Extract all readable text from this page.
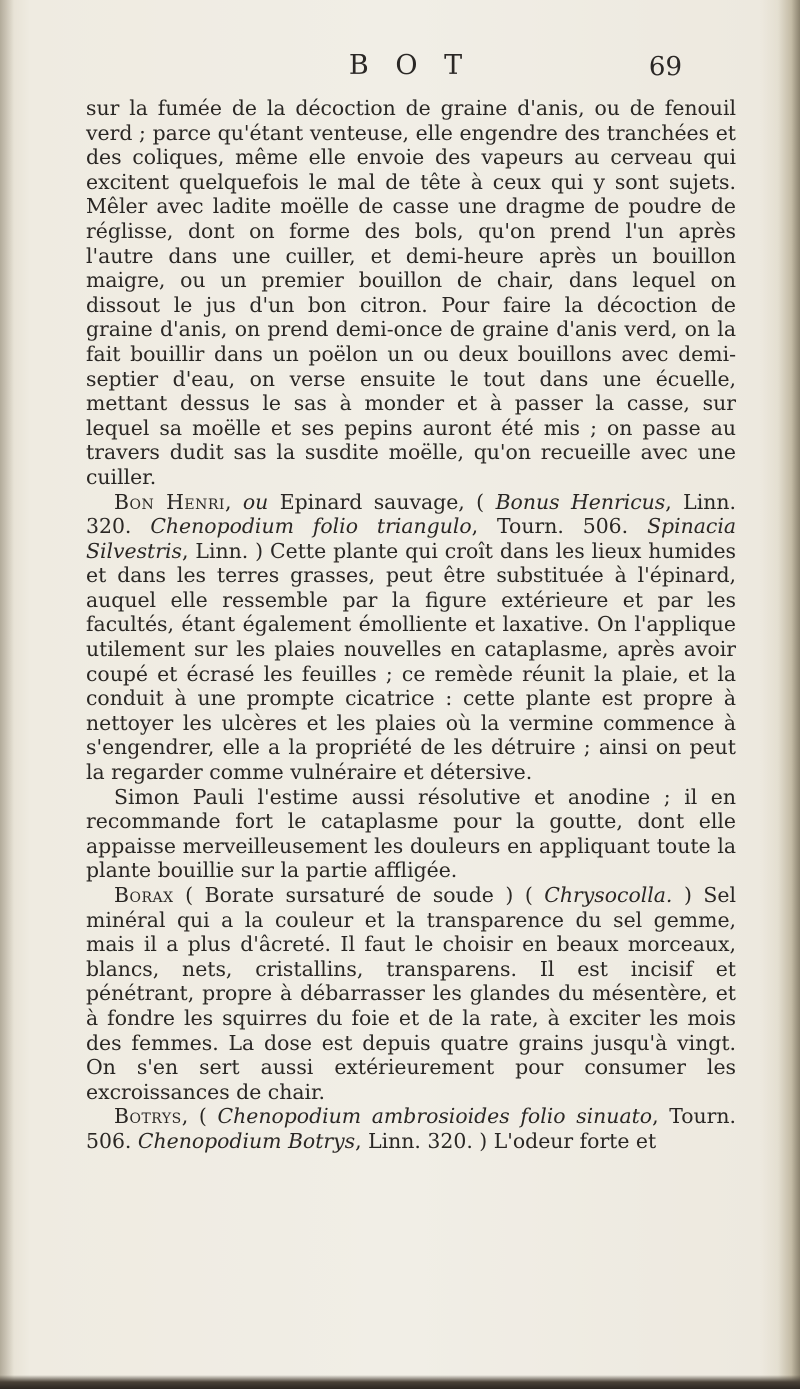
B O T	69

sur la fumée de la décoction de graine d'anis, ou de fenouil verd ; parce qu'étant venteuse, elle engendre des tranchées et des coliques, même elle envoie des vapeurs au cerveau qui excitent quelquefois le mal de tête à ceux qui y sont sujets. Mêler avec ladite moëlle de casse une dragme de poudre de réglisse, dont on forme des bols, qu'on prend l'un après l'autre dans une cuiller, et demi-heure après un bouillon maigre, ou un premier bouillon de chair, dans lequel on dissout le jus d'un bon citron. Pour faire la décoction de graine d'anis, on prend demi-once de graine d'anis verd, on la fait bouillir dans un poëlon un ou deux bouillons avec demi-septier d'eau, on verse ensuite le tout dans une écuelle, mettant dessus le sas à monder et à passer la casse, sur lequel sa moëlle et ses pepins auront été mis ; on passe au travers dudit sas la susdite moëlle, qu'on recueille avec une cuiller.

Bon Henri, ou Epinard sauvage, ( Bonus Henricus, Linn. 320. Chenopodium folio triangulo, Tourn. 506. Spinacia Silvestris, Linn. ) Cette plante qui croît dans les lieux humides et dans les terres grasses, peut être substituée à l'épinard, auquel elle ressemble par la figure extérieure et par les facultés, étant également émolliente et laxative. On l'applique utilement sur les plaies nouvelles en cataplasme, après avoir coupé et écrasé les feuilles ; ce remède réunit la plaie, et la conduit à une prompte cicatrice : cette plante est propre à nettoyer les ulcères et les plaies où la vermine commence à s'engendrer, elle a la propriété de les détruire ; ainsi on peut la regarder comme vulnéraire et détersive.

Simon Pauli l'estime aussi résolutive et anodine ; il en recommande fort le cataplasme pour la goutte, dont elle appaisse merveilleusement les douleurs en appliquant toute la plante bouillie sur la partie affligée.

Borax ( Borate sursaturé de soude ) ( Chrysocolla. ) Sel minéral qui a la couleur et la transparence du sel gemme, mais il a plus d'âcreté. Il faut le choisir en beaux morceaux, blancs, nets, cristallins, transparens. Il est incisif et pénétrant, propre à débarrasser les glandes du mésentère, et à fondre les squirres du foie et de la rate, à exciter les mois des femmes. La dose est depuis quatre grains jusqu'à vingt. On s'en sert aussi extérieurement pour consumer les excroissances de chair.

Botrys, ( Chenopodium ambrosioides folio sinuato, Tourn. 506. Chenopodium Botrys, Linn. 320. ) L'odeur forte et
